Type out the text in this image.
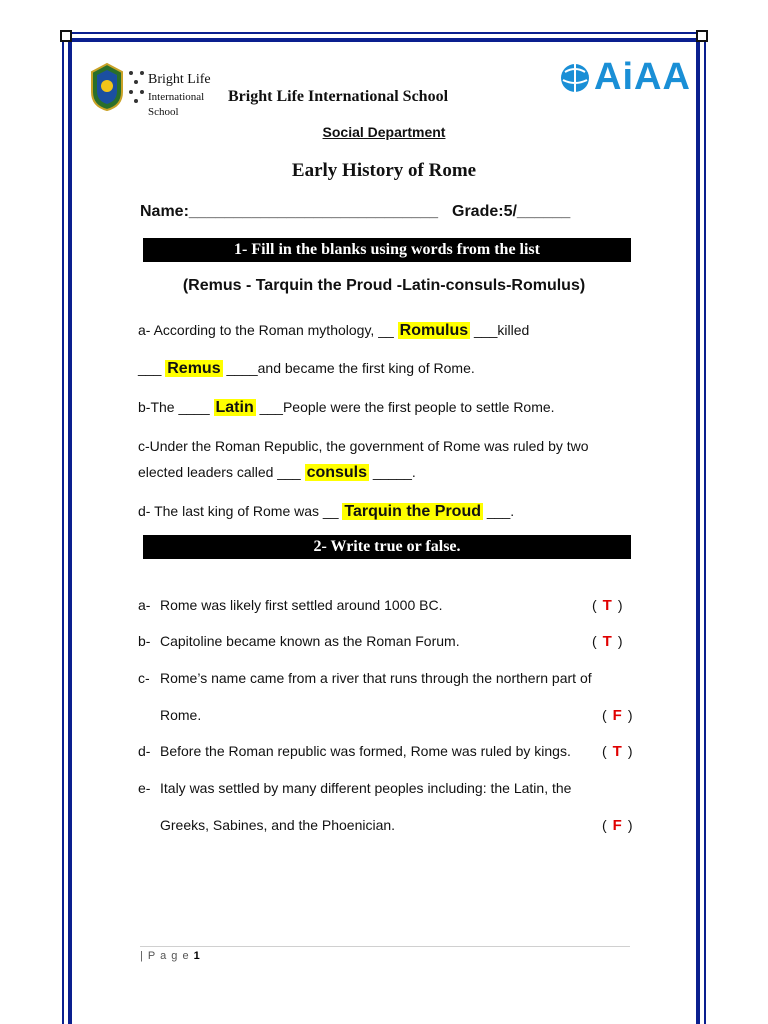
Bright Life
International School
Bright Life International School	AiAA
Social Department
Early History of Rome
Name:____________________________ Grade:5/______
1- Fill in the blanks using words from the list
(Remus - Tarquin the Proud -Latin-consuls-Romulus)
a- According to the Roman mythology, __ Romulus ___killed
___ Remus ____and became the first king of Rome.
b-The ____ Latin ___People were the first people to settle Rome.
c-Under the Roman Republic, the government of Rome was ruled by two
elected leaders called ___ consuls _____.
d- The last king of Rome was __ Tarquin the Proud ___.
2- Write true or false.
a- Rome was likely first settled around 1000 BC.	( T )
b- Capitoline became known as the Roman Forum.	( T )
c- Rome’s name came from a river that runs through the northern part of
Rome.	( F )
d- Before the Roman republic was formed, Rome was ruled by kings. ( T )
e- Italy was settled by many different peoples including: the Latin, the
Greeks, Sabines, and the Phoenician.	( F )
| P a g e 1
